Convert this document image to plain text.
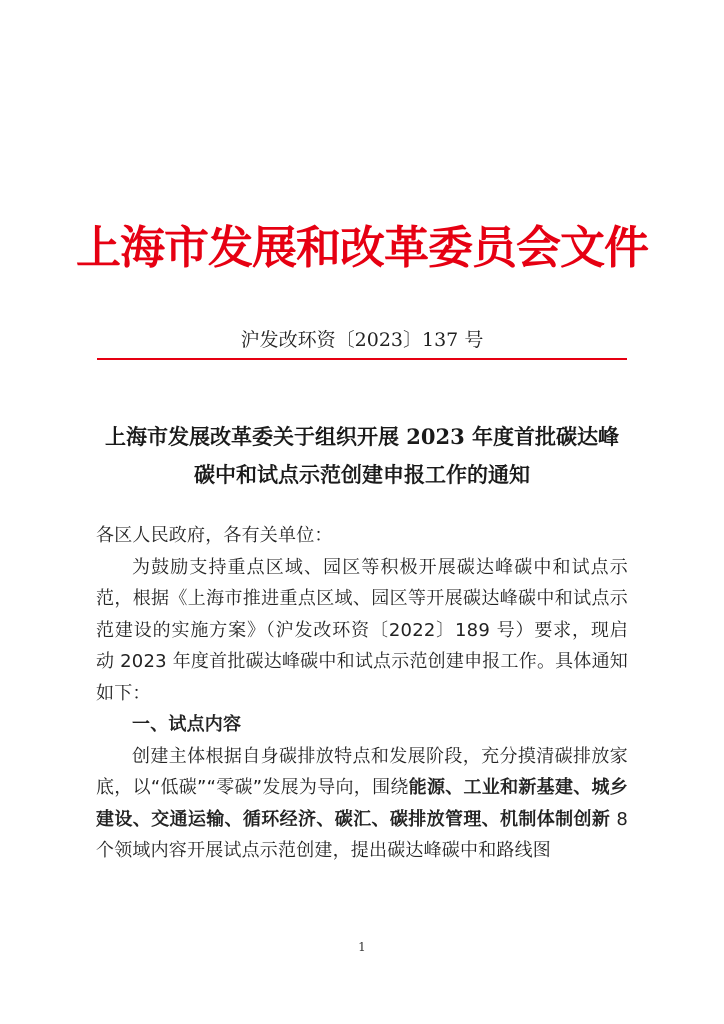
上海市发展和改革委员会文件
沪发改环资〔2023〕137 号
上海市发展改革委关于组织开展 2023 年度首批碳达峰
碳中和试点示范创建申报工作的通知

各区人民政府，各有关单位：

为鼓励支持重点区域、园区等积极开展碳达峰碳中和试点示范，根据《上海市推进重点区域、园区等开展碳达峰碳中和试点示范建设的实施方案》（沪发改环资〔2022〕189 号）要求，现启动 2023 年度首批碳达峰碳中和试点示范创建申报工作。具体通知如下：

一、试点内容

创建主体根据自身碳排放特点和发展阶段，充分摸清碳排放家底，以“低碳”“零碳”发展为导向，围绕能源、工业和新基建、城乡建设、交通运输、循环经济、碳汇、碳排放管理、机制体制创新 8 个领域内容开展试点示范创建，提出碳达峰碳中和路线图

1
